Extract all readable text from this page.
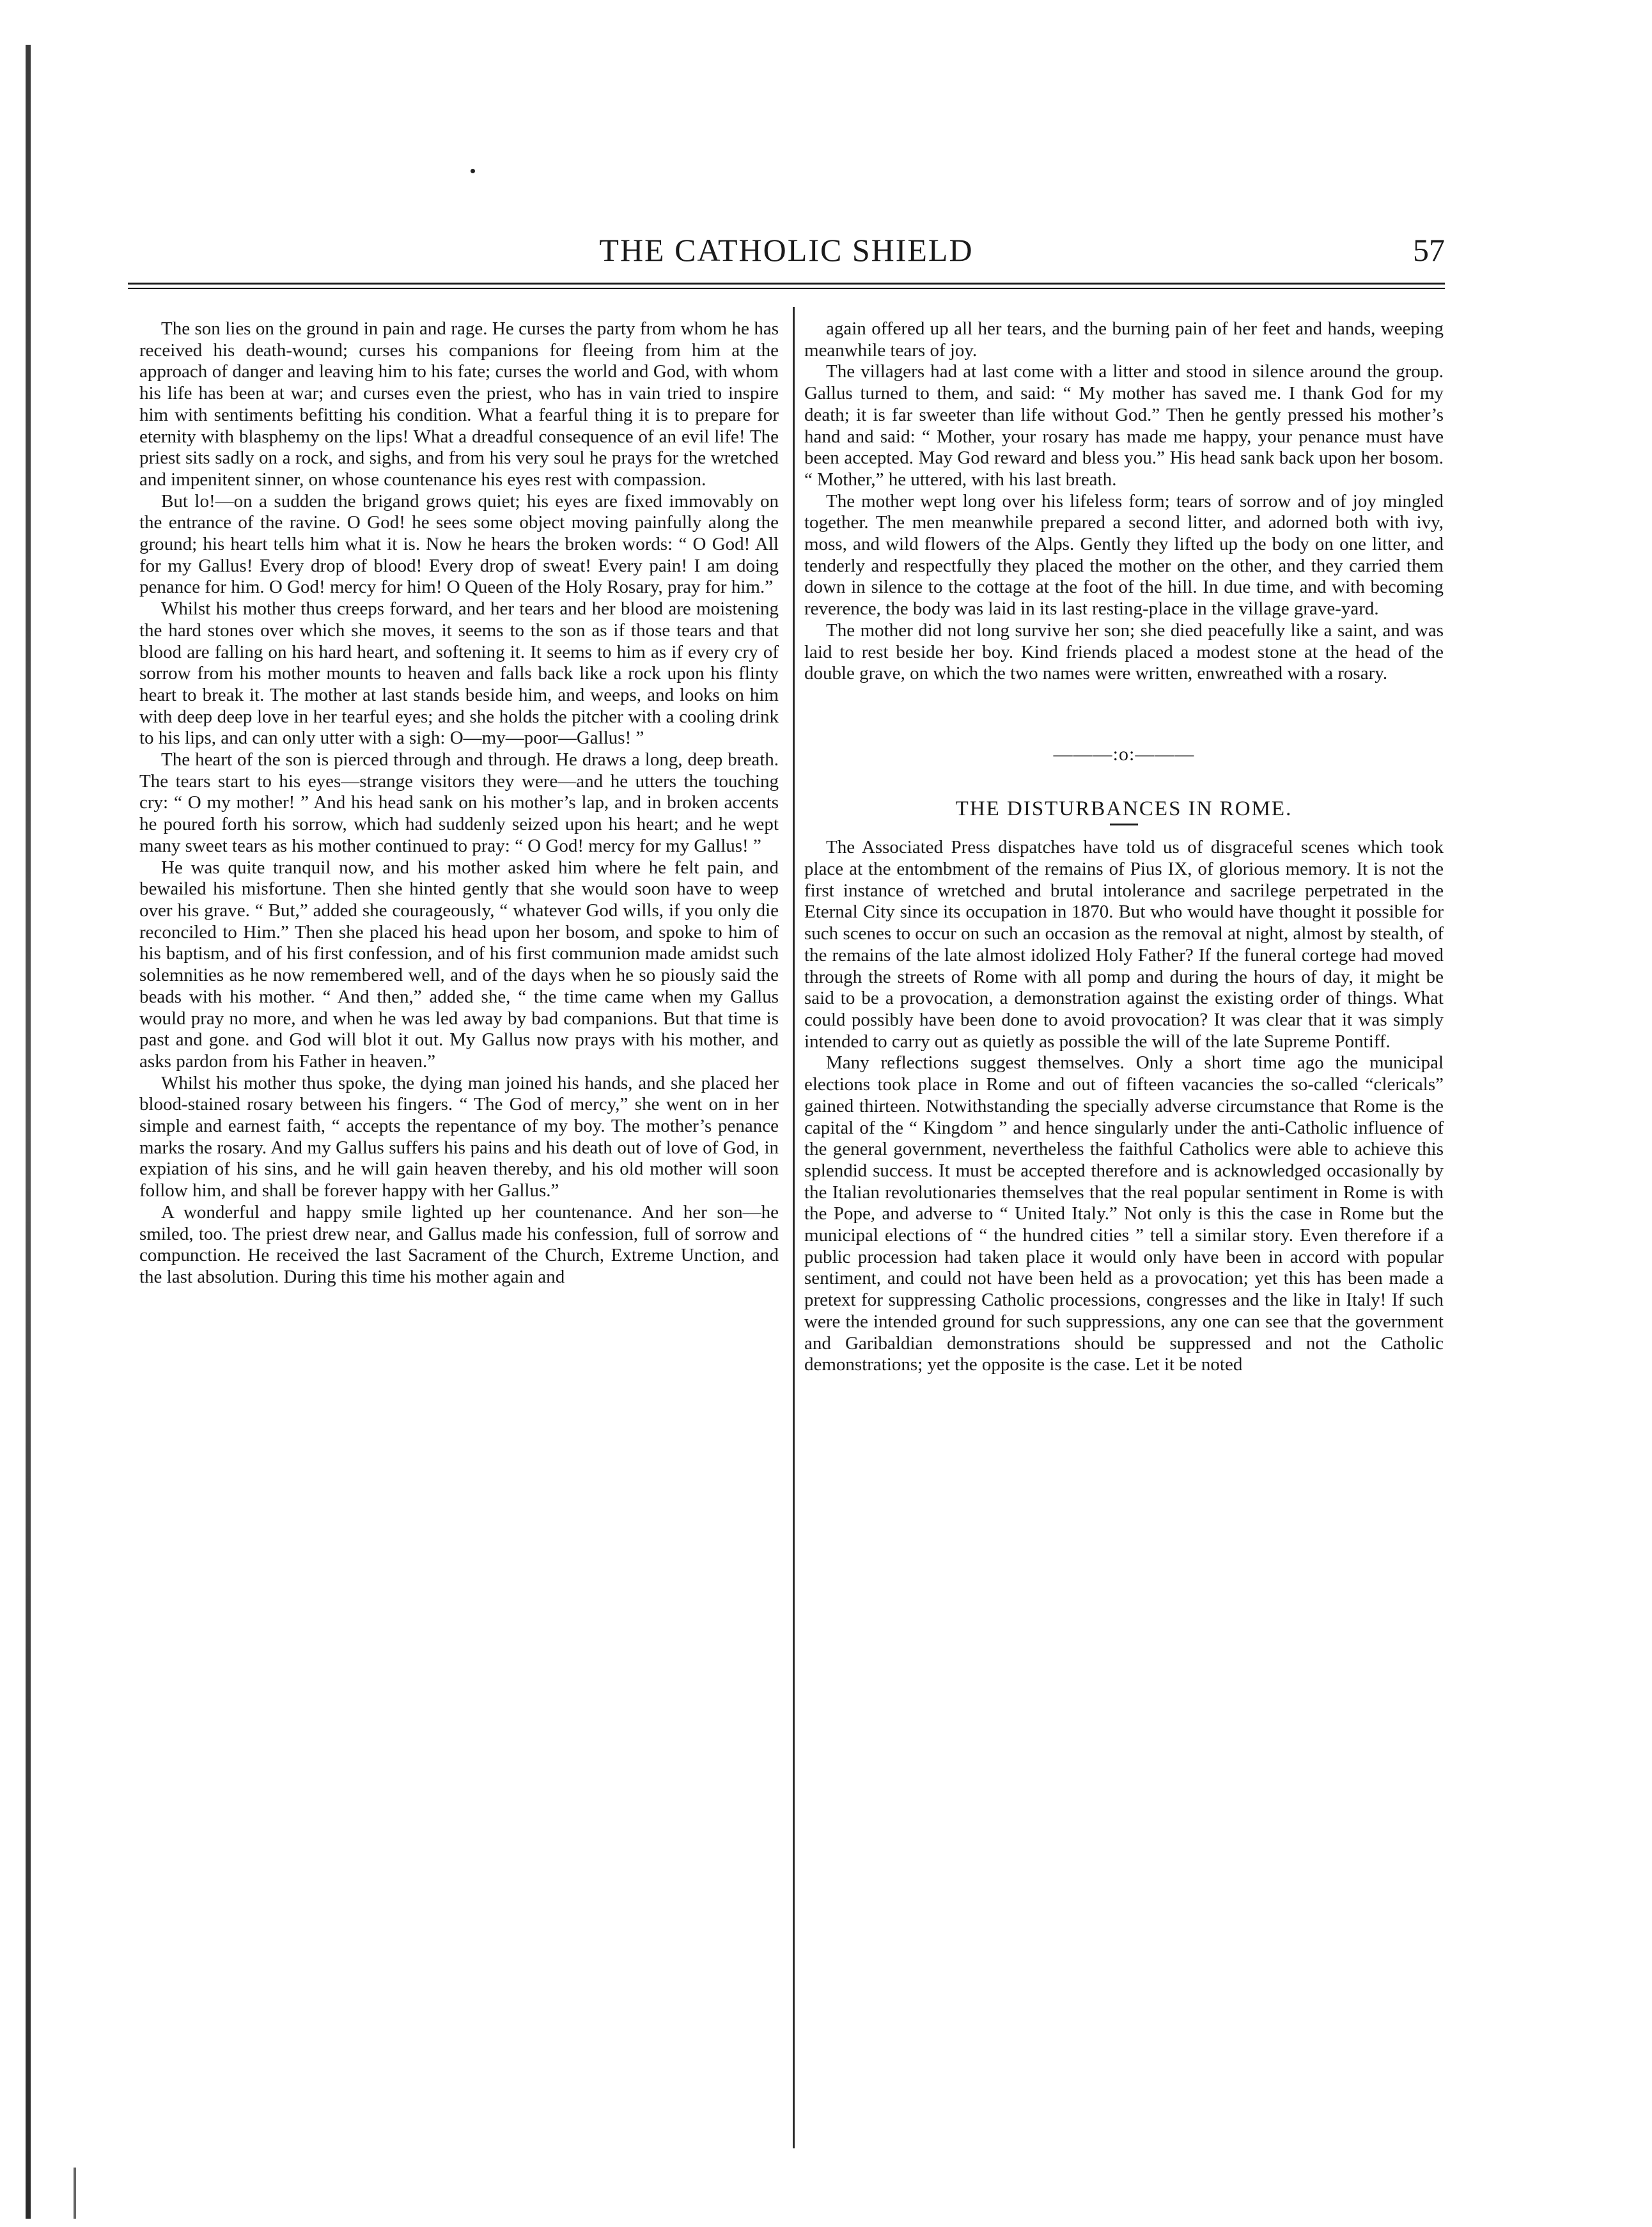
THE CATHOLIC SHIELD	57

The son lies on the ground in pain and rage. He curses the party from whom he has received his death-wound; curses his companions for fleeing from him at the approach of danger and leaving him to his fate; curses the world and God, with whom his life has been at war; and curses even the priest, who has in vain tried to inspire him with sentiments befitting his condition. What a fearful thing it is to prepare for eternity with blasphemy on the lips! What a dreadful consequence of an evil life! The priest sits sadly on a rock, and sighs, and from his very soul he prays for the wretched and impenitent sinner, on whose countenance his eyes rest with compassion.

But lo!—on a sudden the brigand grows quiet; his eyes are fixed immovably on the entrance of the ravine. O God! he sees some object moving painfully along the ground; his heart tells him what it is. Now he hears the broken words: “ O God! All for my Gallus! Every drop of blood! Every drop of sweat! Every pain! I am doing penance for him. O God! mercy for him! O Queen of the Holy Rosary, pray for him.”

Whilst his mother thus creeps forward, and her tears and her blood are moistening the hard stones over which she moves, it seems to the son as if those tears and that blood are falling on his hard heart, and softening it. It seems to him as if every cry of sorrow from his mother mounts to heaven and falls back like a rock upon his flinty heart to break it. The mother at last stands beside him, and weeps, and looks on him with deep deep love in her tearful eyes; and she holds the pitcher with a cooling drink to his lips, and can only utter with a sigh: O—my—poor—Gallus! ”

The heart of the son is pierced through and through. He draws a long, deep breath. The tears start to his eyes—strange visitors they were—and he utters the touching cry: “ O my mother! ” And his head sank on his mother’s lap, and in broken accents he poured forth his sorrow, which had suddenly seized upon his heart; and he wept many sweet tears as his mother continued to pray: “ O God! mercy for my Gallus! ”

He was quite tranquil now, and his mother asked him where he felt pain, and bewailed his misfortune. Then she hinted gently that she would soon have to weep over his grave. “ But,” added she courageously, “ whatever God wills, if you only die reconciled to Him.” Then she placed his head upon her bosom, and spoke to him of his baptism, and of his first confession, and of his first communion made amidst such solemnities as he now remembered well, and of the days when he so piously said the beads with his mother. “ And then,” added she, “ the time came when my Gallus would pray no more, and when he was led away by bad companions. But that time is past and gone. and God will blot it out. My Gallus now prays with his mother, and asks pardon from his Father in heaven.”

Whilst his mother thus spoke, the dying man joined his hands, and she placed her blood-stained rosary between his fingers. “ The God of mercy,” she went on in her simple and earnest faith, “ accepts the repentance of my boy. The mother’s penance marks the rosary. And my Gallus suffers his pains and his death out of love of God, in expiation of his sins, and he will gain heaven thereby, and his old mother will soon follow him, and shall be forever happy with her Gallus.”

A wonderful and happy smile lighted up her countenance. And her son—he smiled, too. The priest drew near, and Gallus made his confession, full of sorrow and compunction. He received the last Sacrament of the Church, Extreme Unction, and the last absolution. During this time his mother again and

again offered up all her tears, and the burning pain of her feet and hands, weeping meanwhile tears of joy.

The villagers had at last come with a litter and stood in silence around the group. Gallus turned to them, and said: “ My mother has saved me. I thank God for my death; it is far sweeter than life without God.” Then he gently pressed his mother’s hand and said: “ Mother, your rosary has made me happy, your penance must have been accepted. May God reward and bless you.” His head sank back upon her bosom. “ Mother,” he uttered, with his last breath.

The mother wept long over his lifeless form; tears of sorrow and of joy mingled together. The men meanwhile prepared a second litter, and adorned both with ivy, moss, and wild flowers of the Alps. Gently they lifted up the body on one litter, and tenderly and respectfully they placed the mother on the other, and they carried them down in silence to the cottage at the foot of the hill. In due time, and with becoming reverence, the body was laid in its last resting-place in the village grave-yard.

The mother did not long survive her son; she died peacefully like a saint, and was laid to rest beside her boy. Kind friends placed a modest stone at the head of the double grave, on which the two names were written, enwreathed with a rosary.

———:o:———
THE DISTURBANCES IN ROME.

The Associated Press dispatches have told us of disgraceful scenes which took place at the entombment of the remains of Pius IX, of glorious memory. It is not the first instance of wretched and brutal intolerance and sacrilege perpetrated in the Eternal City since its occupation in 1870. But who would have thought it possible for such scenes to occur on such an occasion as the removal at night, almost by stealth, of the remains of the late almost idolized Holy Father? If the funeral cortege had moved through the streets of Rome with all pomp and during the hours of day, it might be said to be a provocation, a demonstration against the existing order of things. What could possibly have been done to avoid provocation? It was clear that it was simply intended to carry out as quietly as possible the will of the late Supreme Pontiff.

Many reflections suggest themselves. Only a short time ago the municipal elections took place in Rome and out of fifteen vacancies the so-called “clericals” gained thirteen. Notwithstanding the specially adverse circumstance that Rome is the capital of the “ Kingdom ” and hence singularly under the anti-Catholic influence of the general government, nevertheless the faithful Catholics were able to achieve this splendid success. It must be accepted therefore and is acknowledged occasionally by the Italian revolutionaries themselves that the real popular sentiment in Rome is with the Pope, and adverse to “ United Italy.” Not only is this the case in Rome but the municipal elections of “ the hundred cities ” tell a similar story. Even therefore if a public procession had taken place it would only have been in accord with popular sentiment, and could not have been held as a provocation; yet this has been made a pretext for suppressing Catholic processions, congresses and the like in Italy! If such were the intended ground for such suppressions, any one can see that the government and Garibaldian demonstrations should be suppressed and not the Catholic demonstrations; yet the opposite is the case. Let it be noted
